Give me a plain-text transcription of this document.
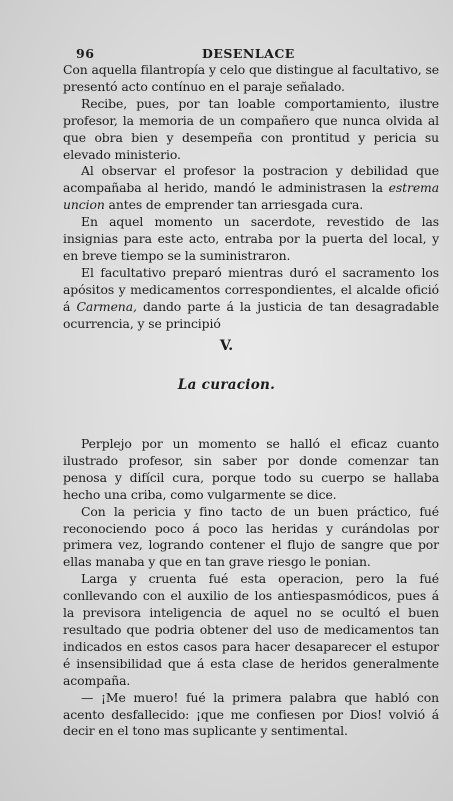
96	DESENLACE

Con aquella filantropía y celo que distingue al facultativo, se presentó acto contínuo en el paraje señalado.

Recibe, pues, por tan loable comportamiento, ilustre profesor, la memoria de un compañero que nunca olvida al que obra bien y desempeña con prontitud y pericia su elevado ministerio.

Al observar el profesor la postracion y debilidad que acompañaba al herido, mandó le administrasen la estrema uncion antes de emprender tan arriesgada cura.

En aquel momento un sacerdote, revestido de las insignias para este acto, entraba por la puerta del local, y en breve tiempo se la suministraron.

El facultativo preparó mientras duró el sacramento los apósitos y medicamentos correspondientes, el alcalde ofició á Carmena, dando parte á la justicia de tan desagradable ocurrencia, y se principió

V.
La curacion.

Perplejo por un momento se halló el eficaz cuanto ilustrado profesor, sin saber por donde comenzar tan penosa y difícil cura, porque todo su cuerpo se hallaba hecho una criba, como vulgarmente se dice.

Con la pericia y fino tacto de un buen práctico, fué reconociendo poco á poco las heridas y curándolas por primera vez, logrando contener el flujo de sangre que por ellas manaba y que en tan grave riesgo le ponian.

Larga y cruenta fué esta operacion, pero la fué conllevando con el auxilio de los antiespasmódicos, pues á la previsora inteligencia de aquel no se ocultó el buen resultado que podria obtener del uso de medicamentos tan indicados en estos casos para hacer desaparecer el estupor é insensibilidad que á esta clase de heridos generalmente acompaña.

— ¡Me muero! fué la primera palabra que habló con acento desfallecido: ¡que me confiesen por Dios! volvió á decir en el tono mas suplicante y sentimental.
